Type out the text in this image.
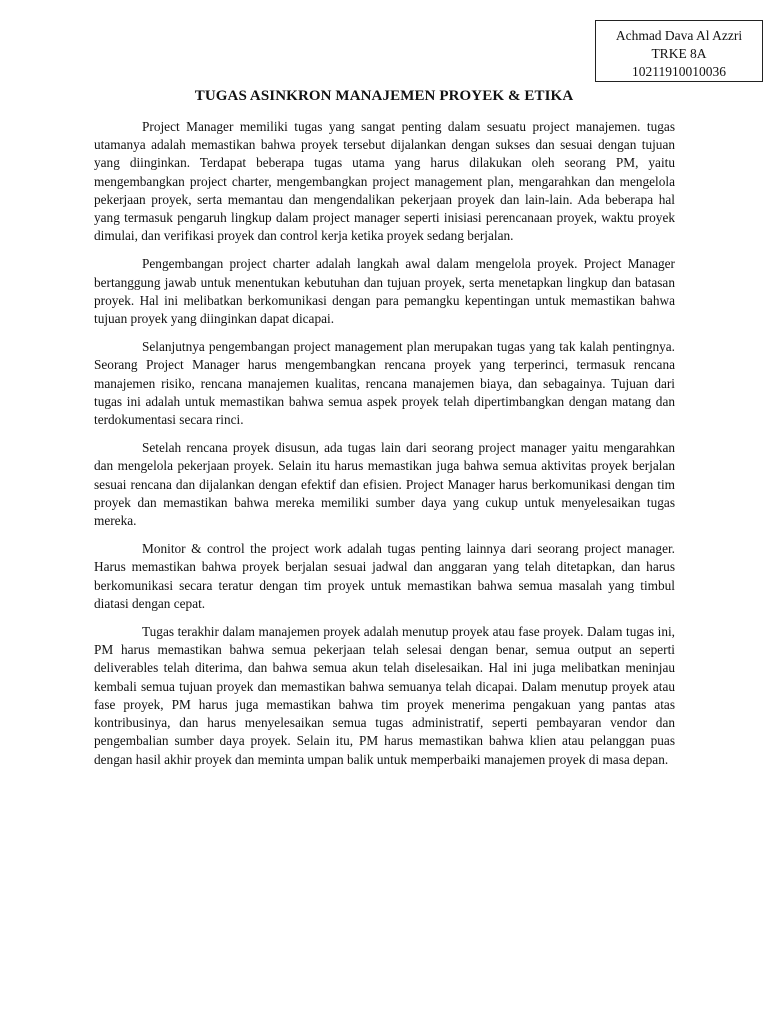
Achmad Dava Al Azzri
TRKE 8A
10211910010036
TUGAS ASINKRON MANAJEMEN PROYEK & ETIKA

Project Manager memiliki tugas yang sangat penting dalam sesuatu project manajemen. tugas utamanya adalah memastikan bahwa proyek tersebut dijalankan dengan sukses dan sesuai dengan tujuan yang diinginkan. Terdapat beberapa tugas utama yang harus dilakukan oleh seorang PM, yaitu mengembangkan project charter, mengembangkan project management plan, mengarahkan dan mengelola pekerjaan proyek, serta memantau dan mengendalikan pekerjaan proyek dan lain-lain. Ada beberapa hal yang termasuk pengaruh lingkup dalam project manager seperti inisiasi perencanaan proyek, waktu proyek dimulai, dan verifikasi proyek dan control kerja ketika proyek sedang berjalan.

Pengembangan project charter adalah langkah awal dalam mengelola proyek. Project Manager bertanggung jawab untuk menentukan kebutuhan dan tujuan proyek, serta menetapkan lingkup dan batasan proyek. Hal ini melibatkan berkomunikasi dengan para pemangku kepentingan untuk memastikan bahwa tujuan proyek yang diinginkan dapat dicapai.

Selanjutnya pengembangan project management plan merupakan tugas yang tak kalah pentingnya. Seorang Project Manager harus mengembangkan rencana proyek yang terperinci, termasuk rencana manajemen risiko, rencana manajemen kualitas, rencana manajemen biaya, dan sebagainya. Tujuan dari tugas ini adalah untuk memastikan bahwa semua aspek proyek telah dipertimbangkan dengan matang dan terdokumentasi secara rinci.

Setelah rencana proyek disusun, ada tugas lain dari seorang project manager yaitu mengarahkan dan mengelola pekerjaan proyek. Selain itu harus memastikan juga bahwa semua aktivitas proyek berjalan sesuai rencana dan dijalankan dengan efektif dan efisien. Project Manager harus berkomunikasi dengan tim proyek dan memastikan bahwa mereka memiliki sumber daya yang cukup untuk menyelesaikan tugas mereka.

Monitor & control the project work adalah tugas penting lainnya dari seorang project manager. Harus memastikan bahwa proyek berjalan sesuai jadwal dan anggaran yang telah ditetapkan, dan harus berkomunikasi secara teratur dengan tim proyek untuk memastikan bahwa semua masalah yang timbul diatasi dengan cepat.

Tugas terakhir dalam manajemen proyek adalah menutup proyek atau fase proyek. Dalam tugas ini, PM harus memastikan bahwa semua pekerjaan telah selesai dengan benar, semua output an seperti deliverables telah diterima, dan bahwa semua akun telah diselesaikan. Hal ini juga melibatkan meninjau kembali semua tujuan proyek dan memastikan bahwa semuanya telah dicapai. Dalam menutup proyek atau fase proyek, PM harus juga memastikan bahwa tim proyek menerima pengakuan yang pantas atas kontribusinya, dan harus menyelesaikan semua tugas administratif, seperti pembayaran vendor dan pengembalian sumber daya proyek. Selain itu, PM harus memastikan bahwa klien atau pelanggan puas dengan hasil akhir proyek dan meminta umpan balik untuk memperbaiki manajemen proyek di masa depan.
